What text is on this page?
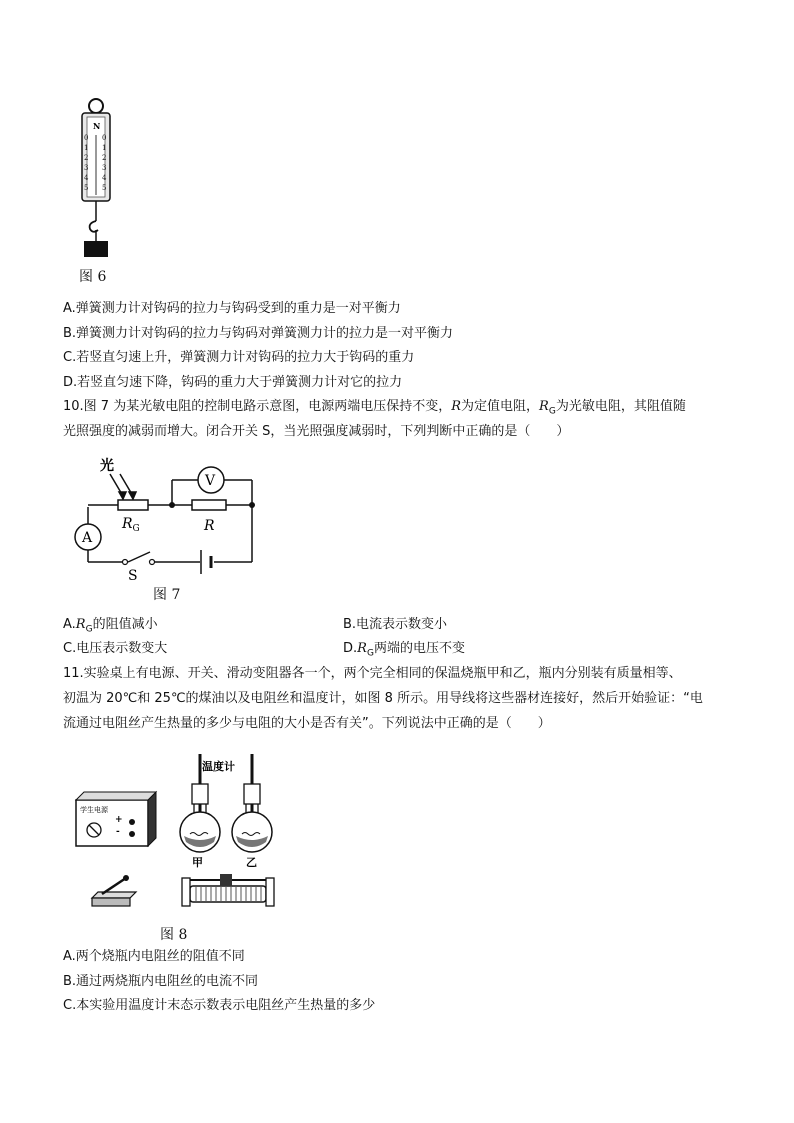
N
0
1
2
3
4
5
0
1
2
3
4
5
图 6
A.弹簧测力计对钩码的拉力与钩码受到的重力是一对平衡力
B.弹簧测力计对钩码的拉力与钩码对弹簧测力计的拉力是一对平衡力
C.若竖直匀速上升，弹簧测力计对钩码的拉力大于钩码的重力
D.若竖直匀速下降，钩码的重力大于弹簧测力计对它的拉力
10.图 7 为某光敏电阻的控制电路示意图，电源两端电压保持不变，R为定值电阻，$R_G$为光敏电阻，其阻值随
光照强度的减弱而增大。闭合开关 S，当光照强度减弱时，下列判断中正确的是（　　）
光
$R_G$	R
V
A
S
图 7
$A.R_G$的阻值减小	B.电流表示数变小
C.电压表示数变大	$D.R_G$两端的电压不变
11.实验桌上有电源、开关、滑动变阻器各一个，两个完全相同的保温烧瓶甲和乙，瓶内分别装有质量相等、
初温为 20℃和 25℃的煤油以及电阻丝和温度计，如图 8 所示。用导线将这些器材连接好，然后开始验证：“电
流通过电阻丝产生热量的多少与电阻的大小是否有关”。下列说法中正确的是（　　）
学生电源
+
-
温度计
甲	乙
图 8
A.两个烧瓶内电阻丝的阻值不同
B.通过两烧瓶内电阻丝的电流不同
C.本实验用温度计末态示数表示电阻丝产生热量的多少
